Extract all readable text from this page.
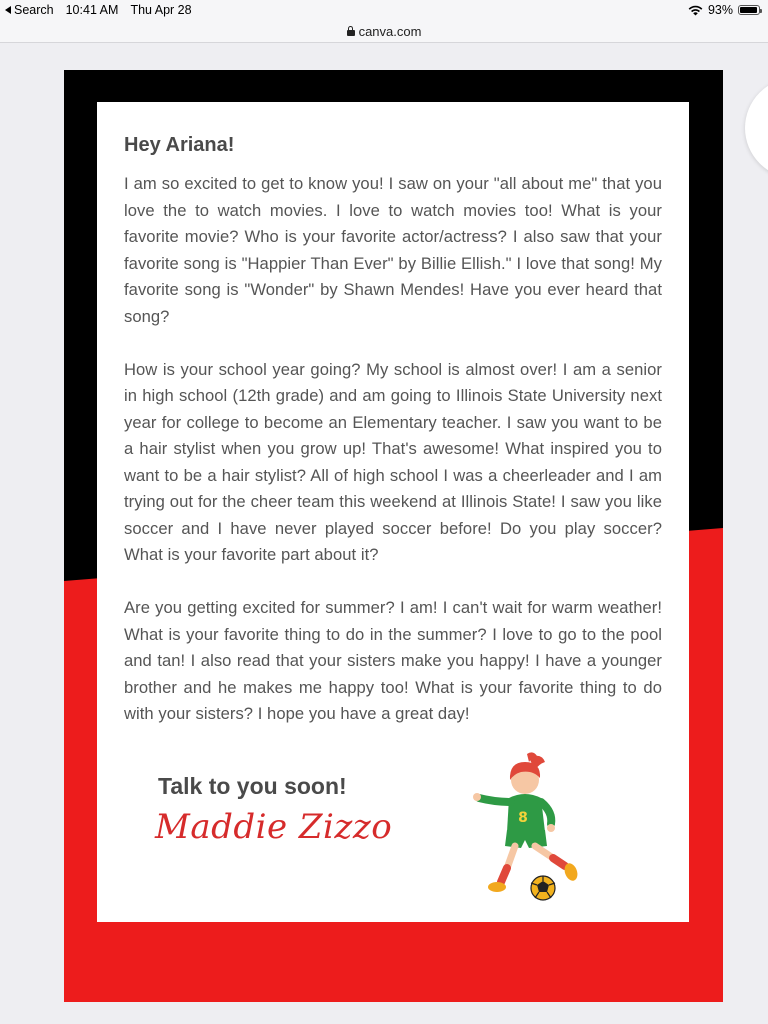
Search 10:41 AM Thu Apr 28	93%
canva.com
Hey Ariana!

I am so excited to get to know you! I saw on your "all about me" that you love the to watch movies. I love to watch movies too! What is your favorite movie? Who is your favorite actor/actress? I also saw that your favorite song is "Happier Than Ever" by Billie Ellish." I love that song! My favorite song is "Wonder" by Shawn Mendes! Have you ever heard that song?

How is your school year going? My school is almost over! I am a senior in high school (12th grade) and am going to Illinois State University next year for college to become an Elementary teacher. I saw you want to be a hair stylist when you grow up! That's awesome! What inspired you to want to be a hair stylist? All of high school I was a cheerleader and I am trying out for the cheer team this weekend at Illinois State! I saw you like soccer and I have never played soccer before! Do you play soccer? What is your favorite part about it?

Are you getting excited for summer? I am! I can't wait for warm weather! What is your favorite thing to do in the summer? I love to go to the pool and tan! I also read that your sisters make you happy! I have a younger brother and he makes me happy too! What is your favorite thing to do with your sisters? I hope you have a great day!

Talk to you soon!
Maddie Zizzo	8
